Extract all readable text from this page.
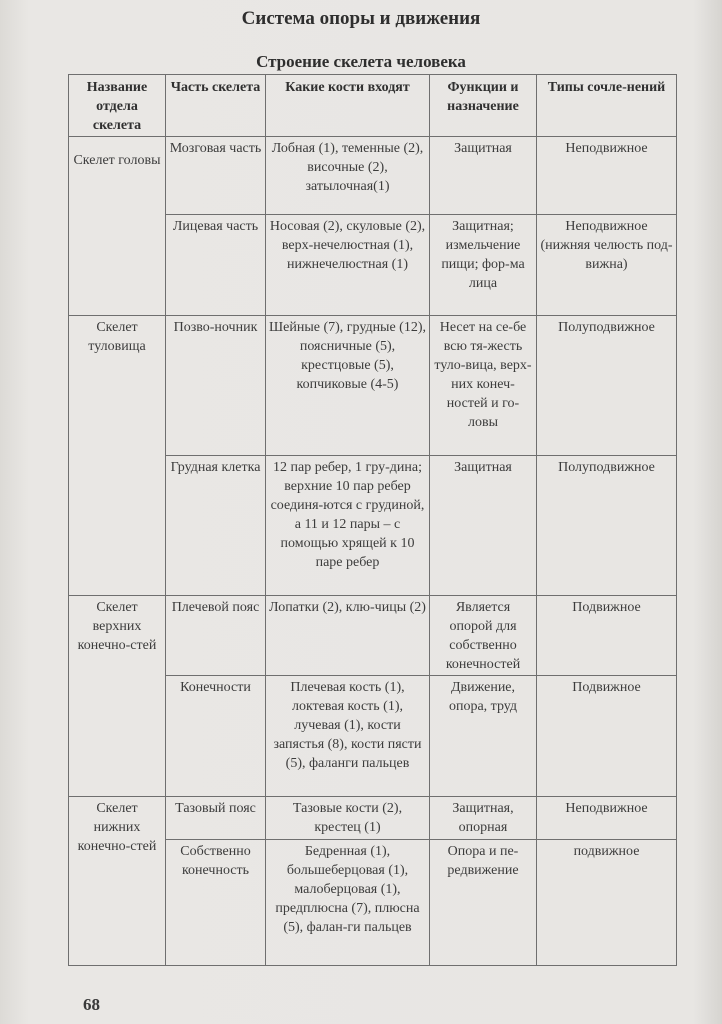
Система опоры и движения
Строение скелета человека
Название отдела скелета	Часть скелета	Какие кости входят	Функции и назначение	Типы сочле-нений
Скелет головы	Мозговая часть	Лобная (1), теменные (2), височные (2), затылочная(1)	Защитная	Неподвижное
	Лицевая часть	Носовая (2), скуловые (2), верх-нечелюстная (1), нижнечелюстная (1)	Защитная; измельчение пищи; фор-ма лица	Неподвижное (нижняя челюсть под-вижна)
Скелет туловища	Позво-ночник	Шейные (7), грудные (12), поясничные (5), крестцовые (5), копчиковые (4-5)	Несет на се-бе всю тя-жесть туло-вица, верх-них конеч-ностей и го-ловы	Полуподвижное
	Грудная клетка	12 пар ребер, 1 гру-дина; верхние 10 пар ребер соединя-ются с грудиной, а 11 и 12 пары – с помощью хрящей к 10 паре ребер	Защитная	Полуподвижное
Скелет верхних конечно-стей	Плечевой пояс	Лопатки (2), клю-чицы (2)	Является опорой для собственно конечностей	Подвижное
	Конечности	Плечевая кость (1), локтевая кость (1), лучевая (1), кости запястья (8), кости пясти (5), фаланги пальцев	Движение, опора, труд	Подвижное
Скелет нижних конечно-стей	Тазовый пояс	Тазовые кости (2), крестец (1)	Защитная, опорная	Неподвижное
	Собственно конечность	Бедренная (1), большеберцовая (1), малоберцовая (1), предплюсна (7), плюсна (5), фалан-ги пальцев	Опора и пе-редвижение	подвижное
68
